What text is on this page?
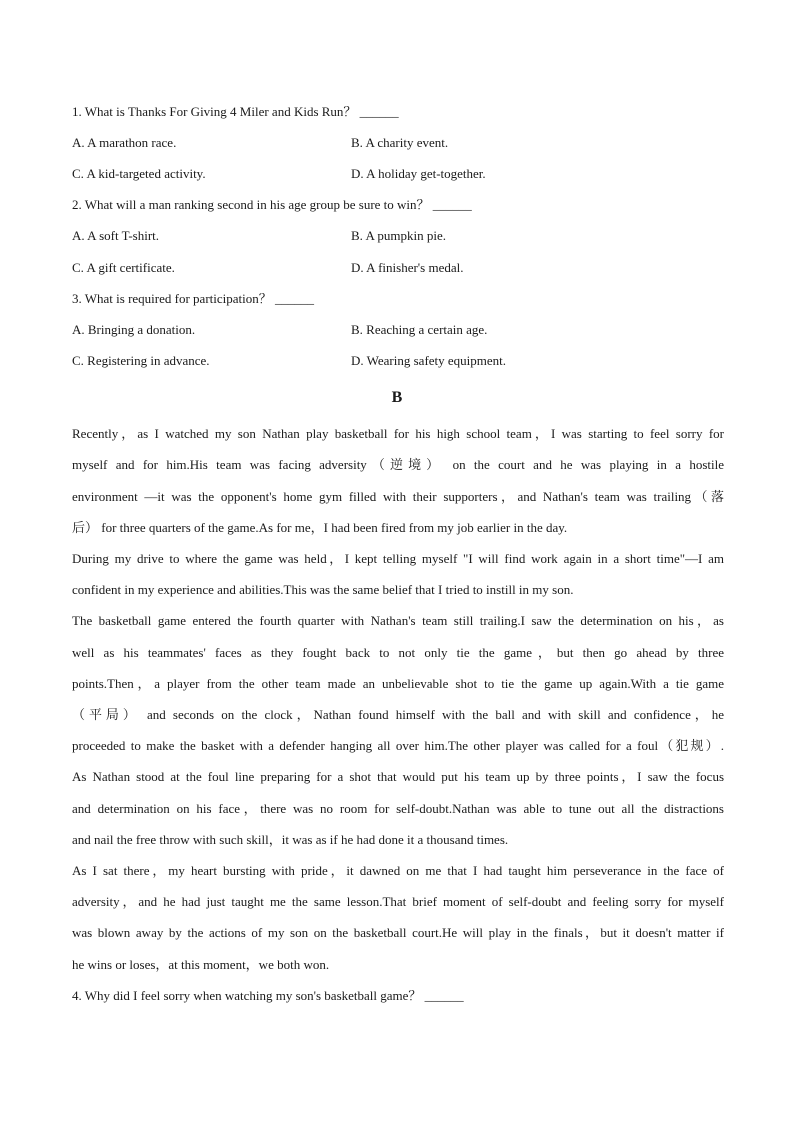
1. What is Thanks For Giving 4 Miler and Kids Run？ ______
A. A marathon race.	B. A charity event.
C. A kid-targeted activity.	D. A holiday get-together.
2. What will a man ranking second in his age group be sure to win？ ______
A. A soft T-shirt.	B. A pumpkin pie.
C. A gift certificate.	D. A finisher's medal.
3. What is required for participation？ ______
A. Bringing a donation.	B. Reaching a certain age.
C. Registering in advance.	D. Wearing safety equipment.
B
Recently，as I watched my son Nathan play basketball for his high school team，I was starting to feel sorry for
myself and for him.His team was facing adversity（逆境） on the court and he was playing in a hostile
environment —it was the opponent's home gym filled with their supporters，and Nathan's team was trailing（落
后） for three quarters of the game.As for me，I had been fired from my job earlier in the day.
During my drive to where the game was held，I kept telling myself "I will find work again in a short time"—I am
confident in my experience and abilities.This was the same belief that I tried to instill in my son.
The basketball game entered the fourth quarter with Nathan's team still trailing.I saw the determination on his，as
well as his teammates' faces as they fought back to not only tie the game，but then go ahead by three
points.Then，a player from the other team made an unbelievable shot to tie the game up again.With a tie game
（平局） and seconds on the clock，Nathan found himself with the ball and with skill and confidence，he
proceeded to make the basket with a defender hanging all over him.The other player was called for a foul（犯规）.
As Nathan stood at the foul line preparing for a shot that would put his team up by three points，I saw the focus
and determination on his face，there was no room for self-doubt.Nathan was able to tune out all the distractions
and nail the free throw with such skill，it was as if he had done it a thousand times.
As I sat there，my heart bursting with pride，it dawned on me that I had taught him perseverance in the face of
adversity，and he had just taught me the same lesson.That brief moment of self-doubt and feeling sorry for myself
was blown away by the actions of my son on the basketball court.He will play in the finals，but it doesn't matter if
he wins or loses，at this moment，we both won.
4. Why did I feel sorry when watching my son's basketball game？ ______
